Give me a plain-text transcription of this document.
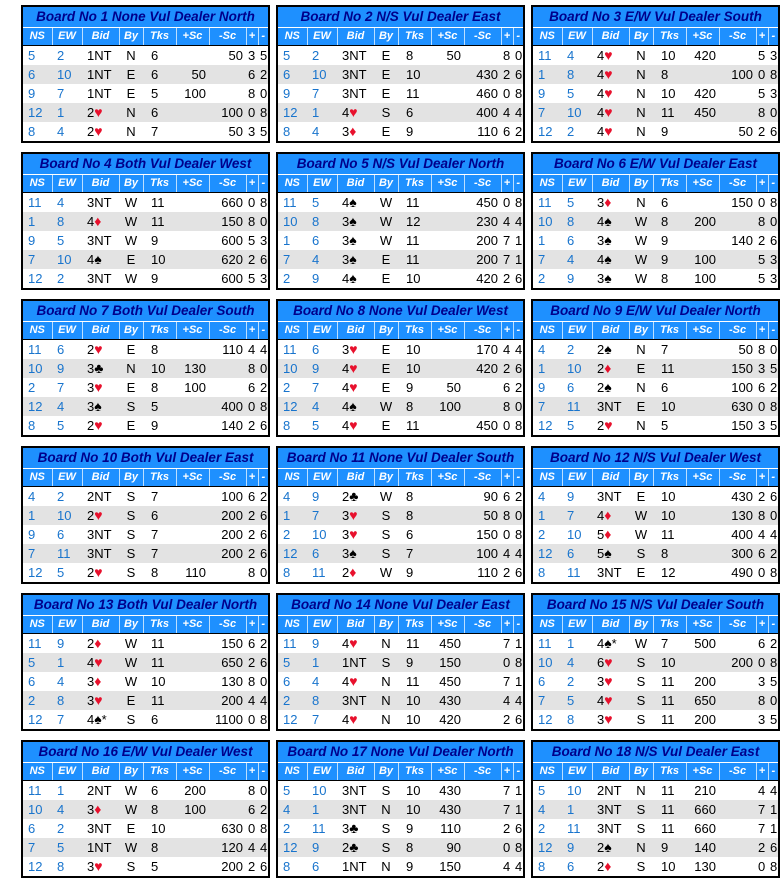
Board No 1 None Vul Dealer North								
NS	EW	Bid	By	Tks	+Sc	-Sc	+	-
5	2	1NT	N	6		50	3	5
6	10	1NT	E	6	50		6	2
9	7	1NT	E	5	100		8	0
12	1	2♥	N	6		100	0	8
8	4	2♥	N	7		50	3	5
Board No 2 N/S Vul Dealer East								
NS	EW	Bid	By	Tks	+Sc	-Sc	+	-
5	2	3NT	E	8	50		8	0
6	10	3NT	E	10		430	2	6
9	7	3NT	E	11		460	0	8
12	1	4♥	S	6		400	4	4
8	4	3♦	E	9		110	6	2
Board No 3 E/W Vul Dealer South								
NS	EW	Bid	By	Tks	+Sc	-Sc	+	-
11	4	4♥	N	10	420		5	3
1	8	4♥	N	8		100	0	8
9	5	4♥	N	10	420		5	3
7	10	4♥	N	11	450		8	0
12	2	4♥	N	9		50	2	6
Board No 4 Both Vul Dealer West								
NS	EW	Bid	By	Tks	+Sc	-Sc	+	-
11	4	3NT	W	11		660	0	8
1	8	4♦	W	11		150	8	0
9	5	3NT	W	9		600	5	3
7	10	4♠	E	10		620	2	6
12	2	3NT	W	9		600	5	3
Board No 5 N/S Vul Dealer North								
NS	EW	Bid	By	Tks	+Sc	-Sc	+	-
11	5	4♠	W	11		450	0	8
10	8	3♠	W	12		230	4	4
1	6	3♠	W	11		200	7	1
7	4	3♠	E	11		200	7	1
2	9	4♠	E	10		420	2	6
Board No 6 E/W Vul Dealer East								
NS	EW	Bid	By	Tks	+Sc	-Sc	+	-
11	5	3♦	N	6		150	0	8
10	8	4♠	W	8	200		8	0
1	6	3♠	W	9		140	2	6
7	4	4♠	W	9	100		5	3
2	9	3♠	W	8	100		5	3
Board No 7 Both Vul Dealer South								
NS	EW	Bid	By	Tks	+Sc	-Sc	+	-
11	6	2♥	E	8		110	4	4
10	9	3♣	N	10	130		8	0
2	7	3♥	E	8	100		6	2
12	4	3♠	S	5		400	0	8
8	5	2♥	E	9		140	2	6
Board No 8 None Vul Dealer West								
NS	EW	Bid	By	Tks	+Sc	-Sc	+	-
11	6	3♥	E	10		170	4	4
10	9	4♥	E	10		420	2	6
2	7	4♥	E	9	50		6	2
12	4	4♠	W	8	100		8	0
8	5	4♥	E	11		450	0	8
Board No 9 E/W Vul Dealer North								
NS	EW	Bid	By	Tks	+Sc	-Sc	+	-
4	2	2♠	N	7		50	8	0
1	10	2♦	E	11		150	3	5
9	6	2♠	N	6		100	6	2
7	11	3NT	E	10		630	0	8
12	5	2♥	N	5		150	3	5
Board No 10 Both Vul Dealer East								
NS	EW	Bid	By	Tks	+Sc	-Sc	+	-
4	2	2NT	S	7		100	6	2
1	10	2♥	S	6		200	2	6
9	6	3NT	S	7		200	2	6
7	11	3NT	S	7		200	2	6
12	5	2♥	S	8	110		8	0
Board No 11 None Vul Dealer South								
NS	EW	Bid	By	Tks	+Sc	-Sc	+	-
4	9	2♣	W	8		90	6	2
1	7	3♥	S	8		50	8	0
2	10	3♥	S	6		150	0	8
12	6	3♠	S	7		100	4	4
8	11	2♦	W	9		110	2	6
Board No 12 N/S Vul Dealer West								
NS	EW	Bid	By	Tks	+Sc	-Sc	+	-
4	9	3NT	E	10		430	2	6
1	7	4♦	W	10		130	8	0
2	10	5♦	W	11		400	4	4
12	6	5♠	S	8		300	6	2
8	11	3NT	E	12		490	0	8
Board No 13 Both Vul Dealer North								
NS	EW	Bid	By	Tks	+Sc	-Sc	+	-
11	9	2♦	W	11		150	6	2
5	1	4♥	W	11		650	2	6
6	4	3♦	W	10		130	8	0
2	8	3♥	E	11		200	4	4
12	7	4♠*	S	6		1100	0	8
Board No 14 None Vul Dealer East								
NS	EW	Bid	By	Tks	+Sc	-Sc	+	-
11	9	4♥	N	11	450		7	1
5	1	1NT	S	9	150		0	8
6	4	4♥	N	11	450		7	1
2	8	3NT	N	10	430		4	4
12	7	4♥	N	10	420		2	6
Board No 15 N/S Vul Dealer South								
NS	EW	Bid	By	Tks	+Sc	-Sc	+	-
11	1	4♠*	W	7	500		6	2
10	4	6♥	S	10		200	0	8
6	2	3♥	S	11	200		3	5
7	5	4♥	S	11	650		8	0
12	8	3♥	S	11	200		3	5
Board No 16 E/W Vul Dealer West								
NS	EW	Bid	By	Tks	+Sc	-Sc	+	-
11	1	2NT	W	6	200		8	0
10	4	3♦	W	8	100		6	2
6	2	3NT	E	10		630	0	8
7	5	1NT	W	8		120	4	4
12	8	3♥	S	5		200	2	6
Board No 17 None Vul Dealer North								
NS	EW	Bid	By	Tks	+Sc	-Sc	+	-
5	10	3NT	S	10	430		7	1
4	1	3NT	N	10	430		7	1
2	11	3♣	S	9	110		2	6
12	9	2♣	S	8	90		0	8
8	6	1NT	N	9	150		4	4
Board No 18 N/S Vul Dealer East								
NS	EW	Bid	By	Tks	+Sc	-Sc	+	-
5	10	2NT	N	11	210		4	4
4	1	3NT	S	11	660		7	1
2	11	3NT	S	11	660		7	1
12	9	2♠	N	9	140		2	6
8	6	2♦	S	10	130		0	8
